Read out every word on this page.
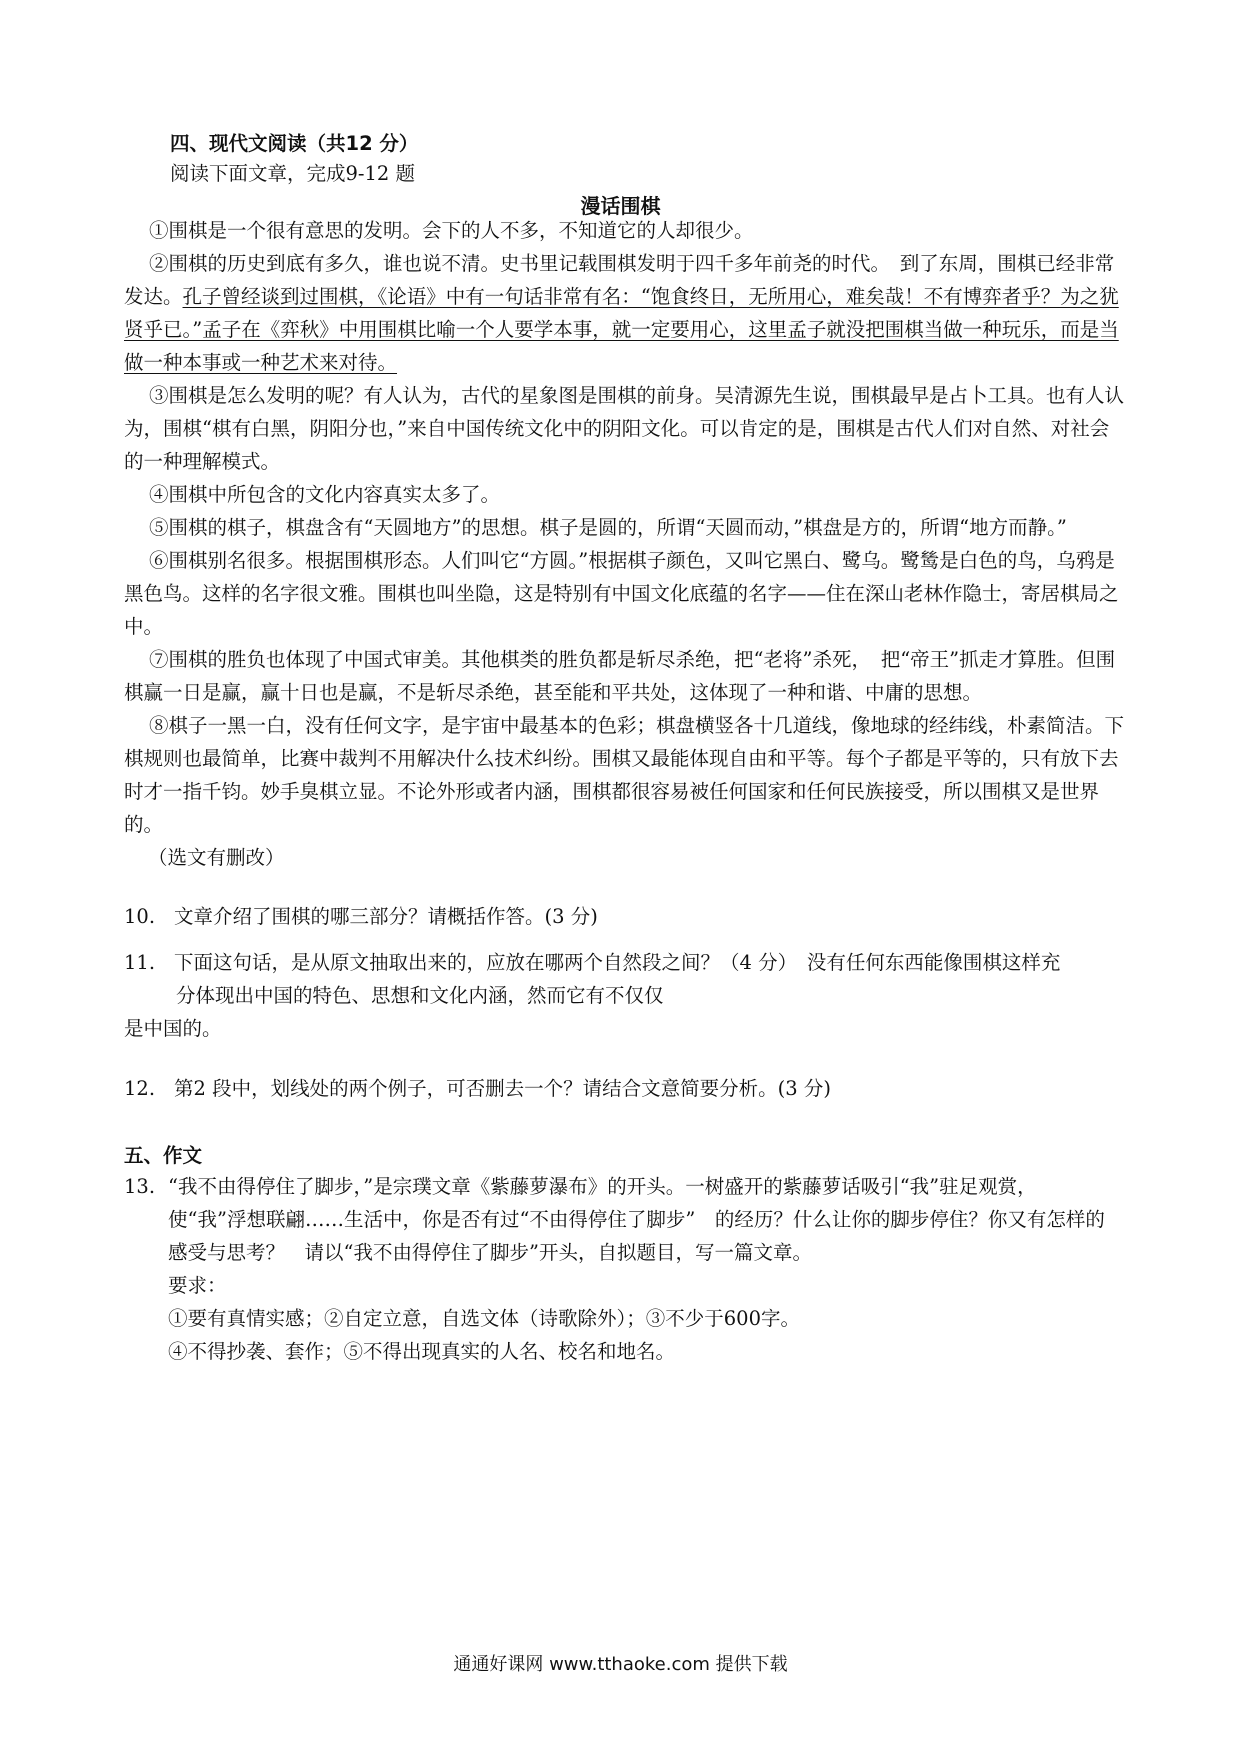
四、现代文阅读（共12 分）
阅读下面文章，完成9-12 题
漫话围棋

①围棋是一个很有意思的发明。会下的人不多，不知道它的人却很少。

②围棋的历史到底有多久，谁也说不清。史书里记载围棋发明于四千多年前尧的时代。　到了东周，围棋已经非常发达。孔子曾经谈到过围棋，《论语》中有一句话非常有名：“饱食终日，无所用心，难矣哉！不有博弈者乎？为之犹贤乎已。”孟子在《弈秋》中用围棋比喻一个人要学本事，就一定要用心，这里孟子就没把围棋当做一种玩乐，而是当做一种本事或一种艺术来对待。

③围棋是怎么发明的呢？有人认为，古代的星象图是围棋的前身。吴清源先生说，围棋最早是占卜工具。也有人认为，围棋“棋有白黑，阴阳分也，”来自中国传统文化中的阴阳文化。可以肯定的是，围棋是古代人们对自然、对社会的一种理解模式。

④围棋中所包含的文化内容真实太多了。

⑤围棋的棋子，棋盘含有“天圆地方”的思想。棋子是圆的，所谓“天圆而动，”棋盘是方的，所谓“地方而静。”

⑥围棋别名很多。根据围棋形态。人们叫它“方圆。”根据棋子颜色，又叫它黑白、鹭乌。鹭鸶是白色的鸟，乌鸦是黑色鸟。这样的名字很文雅。围棋也叫坐隐，这是特别有中国文化底蕴的名字——住在深山老林作隐士，寄居棋局之中。

⑦围棋的胜负也体现了中国式审美。其他棋类的胜负都是斩尽杀绝，把“老将”杀死，　把“帝王”抓走才算胜。但围棋赢一日是赢，赢十日也是赢，不是斩尽杀绝，甚至能和平共处，这体现了一种和谐、中庸的思想。

⑧棋子一黑一白，没有任何文字，是宇宙中最基本的色彩；棋盘横竖各十几道线，像地球的经纬线，朴素简洁。下棋规则也最简单，比赛中裁判不用解决什么技术纠纷。围棋又最能体现自由和平等。每个子都是平等的，只有放下去时才一指千钧。妙手臭棋立显。不论外形或者内涵，围棋都很容易被任何国家和任何民族接受，所以围棋又是世界的。

（选文有删改）

10. 文章介绍了围棋的哪三部分？请概括作答。(3 分)
11. 下面这句话，是从原文抽取出来的，应放在哪两个自然段之间？（4 分）　没有任何东西能像围棋这样充
分体现出中国的特色、思想和文化内涵，然而它有不仅仅
是中国的。
12. 第2 段中，划线处的两个例子，可否删去一个？请结合文意简要分析。(3 分)
五、作文
13. “我不由得停住了脚步，”是宗璞文章《紫藤萝瀑布》的开头。一树盛开的紫藤萝话吸引“我”驻足观赏，使“我”浮想联翩……生活中，你是否有过“不由得停住了脚步”　的经历？什么让你的脚步停住？你又有怎样的感受与思考？　请以“我不由得停住了脚步”开头，自拟题目，写一篇文章。
要求：
①要有真情实感；②自定立意，自选文体（诗歌除外）；③不少于600字。
④不得抄袭、套作；⑤不得出现真实的人名、校名和地名。
通通好课网 www.tthaoke.com 提供下载
